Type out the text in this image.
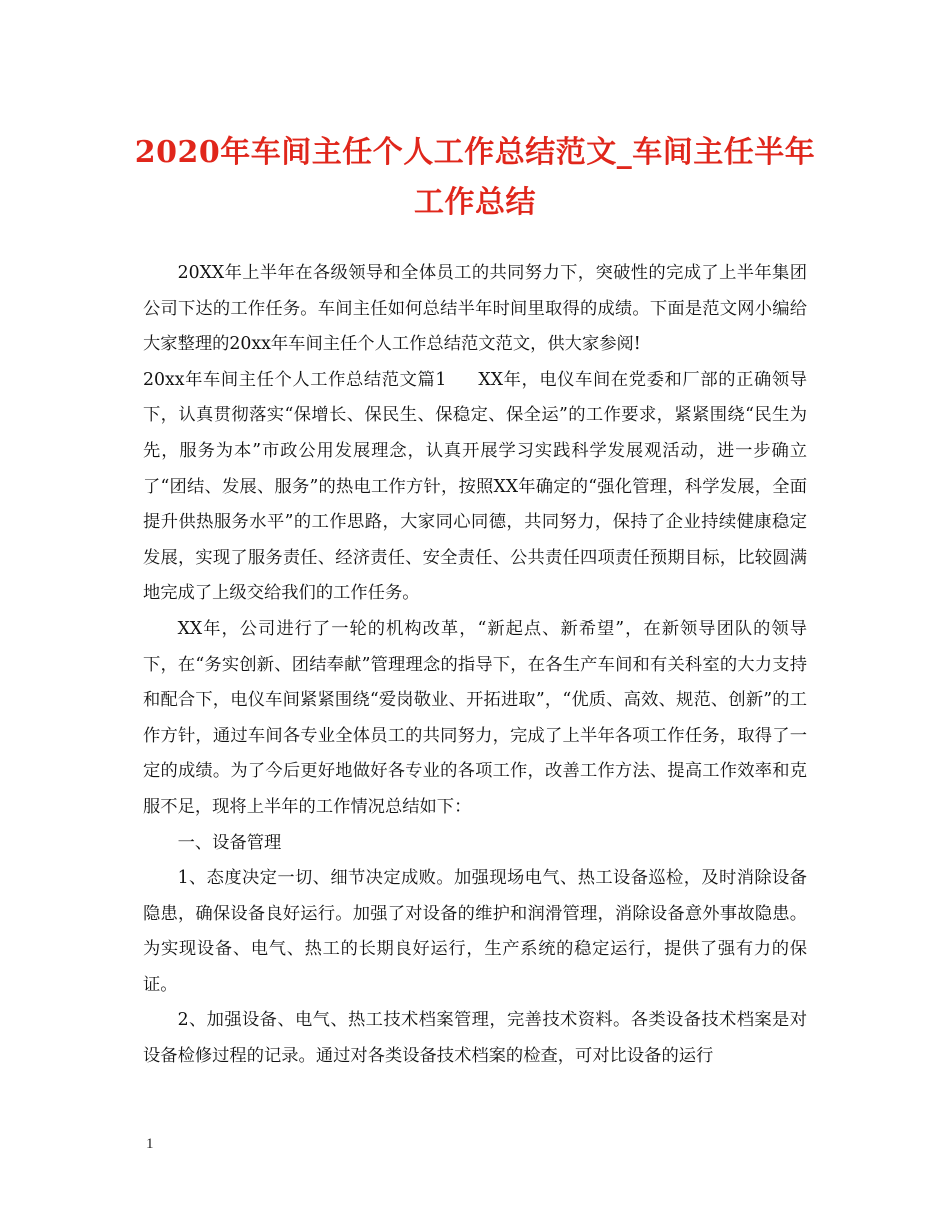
2020年车间主任个人工作总结范文_车间主任半年工作总结

20XX年上半年在各级领导和全体员工的共同努力下，突破性的完成了上半年集团公司下达的工作任务。车间主任如何总结半年时间里取得的成绩。下面是范文网小编给大家整理的20xx年车间主任个人工作总结范文范文，供大家参阅!

20xx年车间主任个人工作总结范文篇1 XX年，电仪车间在党委和厂部的正确领导下，认真贯彻落实“保增长、保民生、保稳定、保全运”的工作要求，紧紧围绕“民生为先，服务为本”市政公用发展理念，认真开展学习实践科学发展观活动，进一步确立了“团结、发展、服务”的热电工作方针，按照XX年确定的“强化管理，科学发展，全面提升供热服务水平”的工作思路，大家同心同德，共同努力，保持了企业持续健康稳定发展，实现了服务责任、经济责任、安全责任、公共责任四项责任预期目标，比较圆满地完成了上级交给我们的工作任务。

XX年，公司进行了一轮的机构改革，“新起点、新希望”，在新领导团队的领导下，在“务实创新、团结奉献”管理理念的指导下，在各生产车间和有关科室的大力支持和配合下，电仪车间紧紧围绕“爱岗敬业、开拓进取”，“优质、高效、规范、创新”的工作方针，通过车间各专业全体员工的共同努力，完成了上半年各项工作任务，取得了一定的成绩。为了今后更好地做好各专业的各项工作，改善工作方法、提高工作效率和克服不足，现将上半年的工作情况总结如下：

一、设备管理

1、态度决定一切、细节决定成败。加强现场电气、热工设备巡检，及时消除设备隐患，确保设备良好运行。加强了对设备的维护和润滑管理，消除设备意外事故隐患。为实现设备、电气、热工的长期良好运行，生产系统的稳定运行，提供了强有力的保证。

2、加强设备、电气、热工技术档案管理，完善技术资料。各类设备技术档案是对设备检修过程的记录。通过对各类设备技术档案的检查，可对比设备的运行

1
